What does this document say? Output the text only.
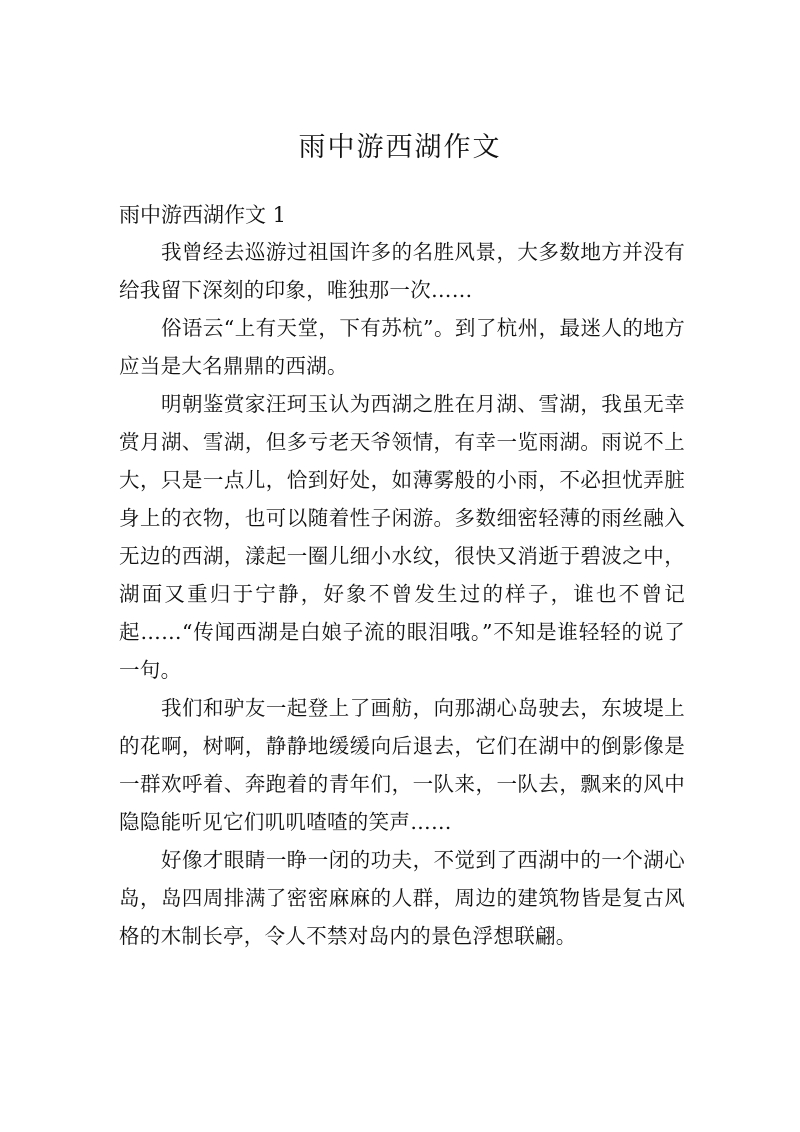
雨中游西湖作文
雨中游西湖作文 1

我曾经去巡游过祖国许多的名胜风景，大多数地方并没有给我留下深刻的印象，唯独那一次……

俗语云“上有天堂，下有苏杭”。到了杭州，最迷人的地方应当是大名鼎鼎的西湖。

明朝鉴赏家汪珂玉认为西湖之胜在月湖、雪湖，我虽无幸赏月湖、雪湖，但多亏老天爷领情，有幸一览雨湖。雨说不上大，只是一点儿，恰到好处，如薄雾般的小雨，不必担忧弄脏身上的衣物，也可以随着性子闲游。多数细密轻薄的雨丝融入无边的西湖，漾起一圈儿细小水纹，很快又消逝于碧波之中，湖面又重归于宁静，好象不曾发生过的样子，谁也不曾记起……“传闻西湖是白娘子流的眼泪哦。”不知是谁轻轻的说了一句。

我们和驴友一起登上了画舫，向那湖心岛驶去，东坡堤上的花啊，树啊，静静地缓缓向后退去，它们在湖中的倒影像是一群欢呼着、奔跑着的青年们，一队来，一队去，飘来的风中隐隐能听见它们叽叽喳喳的笑声……

好像才眼睛一睁一闭的功夫，不觉到了西湖中的一个湖心岛，岛四周排满了密密麻麻的人群，周边的建筑物皆是复古风格的木制长亭，令人不禁对岛内的景色浮想联翩。
